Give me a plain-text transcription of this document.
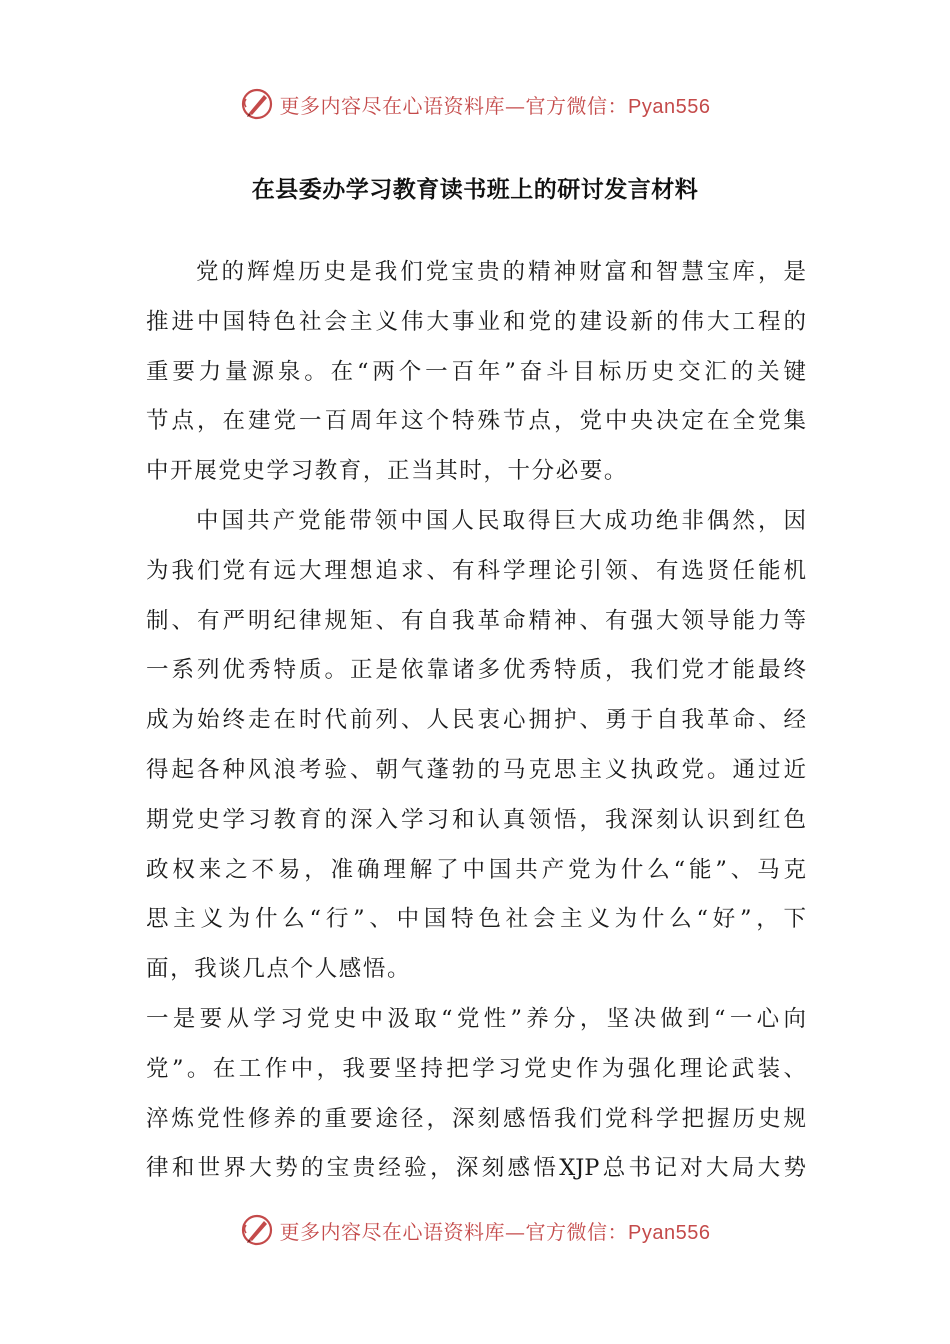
更多内容尽在心语资料库—官方微信：Pyan556
在县委办学习教育读书班上的研讨发言材料
党的辉煌历史是我们党宝贵的精神财富和智慧宝库，是
推进中国特色社会主义伟大事业和党的建设新的伟大工程的
重要力量源泉。在“两个一百年”奋斗目标历史交汇的关键
节点，在建党一百周年这个特殊节点，党中央决定在全党集
中开展党史学习教育，正当其时，十分必要。
中国共产党能带领中国人民取得巨大成功绝非偶然，因
为我们党有远大理想追求、有科学理论引领、有选贤任能机
制、有严明纪律规矩、有自我革命精神、有强大领导能力等
一系列优秀特质。正是依靠诸多优秀特质，我们党才能最终
成为始终走在时代前列、人民衷心拥护、勇于自我革命、经
得起各种风浪考验、朝气蓬勃的马克思主义执政党。通过近
期党史学习教育的深入学习和认真领悟，我深刻认识到红色
政权来之不易，准确理解了中国共产党为什么“能”、马克
思主义为什么“行”、中国特色社会主义为什么“好”，下
面，我谈几点个人感悟。
一是要从学习党史中汲取“党性”养分，坚决做到“一心向
党”。在工作中，我要坚持把学习党史作为强化理论武装、
淬炼党性修养的重要途径，深刻感悟我们党科学把握历史规
律和世界大势的宝贵经验，深刻感悟XJP总书记对大局大势
更多内容尽在心语资料库—官方微信：Pyan556
